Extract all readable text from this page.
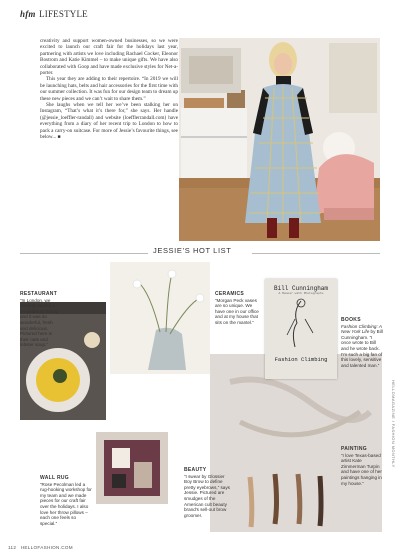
hfm LIFESTYLE

creativity and support women-owned businesses, so we were excited to launch our craft fair for the holidays last year, partnering with artists we love including Rachael Cocker, Eleonor Bostrom and Katie Kimmel – to make unique gifts. We have also collaborated with Goop and have made exclusive styles for Net-a-porter.

This year they are adding to their repertoire. “In 2019 we will be launching hats, belts and hair accessories for the first time with our summer collection. It was fun for our design team to dream up these new pieces and we can’t wait to share them.”

She laughs when we tell her we’ve been stalking her on Instagram, “That’s what it’s there for,” she says. Her handle (@jessie_loeffler-randall) and website (loefflerrandall.com) have everything from a diary of her recent trip to London to how to pack a carry-on suitcase. For more of Jessie’s favourite things, see below... ■

JESSIE’S HOT LIST
Bill Cunningham
A Memoir with Photographs
Fashion Climbing
RESTAURANT
“In London, we recently loaded a breakfast at Spring and it was so wonderful, fresh and delicious. Pictured here is their oats and lobster soup.”
CERAMICS
“Morgan Peck vases are so unique. We have one in our office and at my house that sits on the mantel.”	BOOKS
Fashion Climbing: A New York Life by Bill Cunningham. “I once wrote to Bill and he wrote back. I’m such a big fan of this lovely, sensitive and talented man.”
WALL RUG
“Rose Pecolman led a rug-hooking workshop for my team and we made pieces for our craft fair over the holidays. I also love her throw pillows – each one feels so special.”
BEAUTY
“I swear by Glossier Boy Brow to define pretty eyebrows,” says Jessie. Pictured are smudges of the American cult beauty brand’s sell-out brow groomer.
PAINTING
“I love Texas-based artist Kate Zimmerman Turpin and have one of her paintings hanging in my house.”
HELLOMAGAZINE / FASHION MONTHLY
112 HELLOFASHION.COM
